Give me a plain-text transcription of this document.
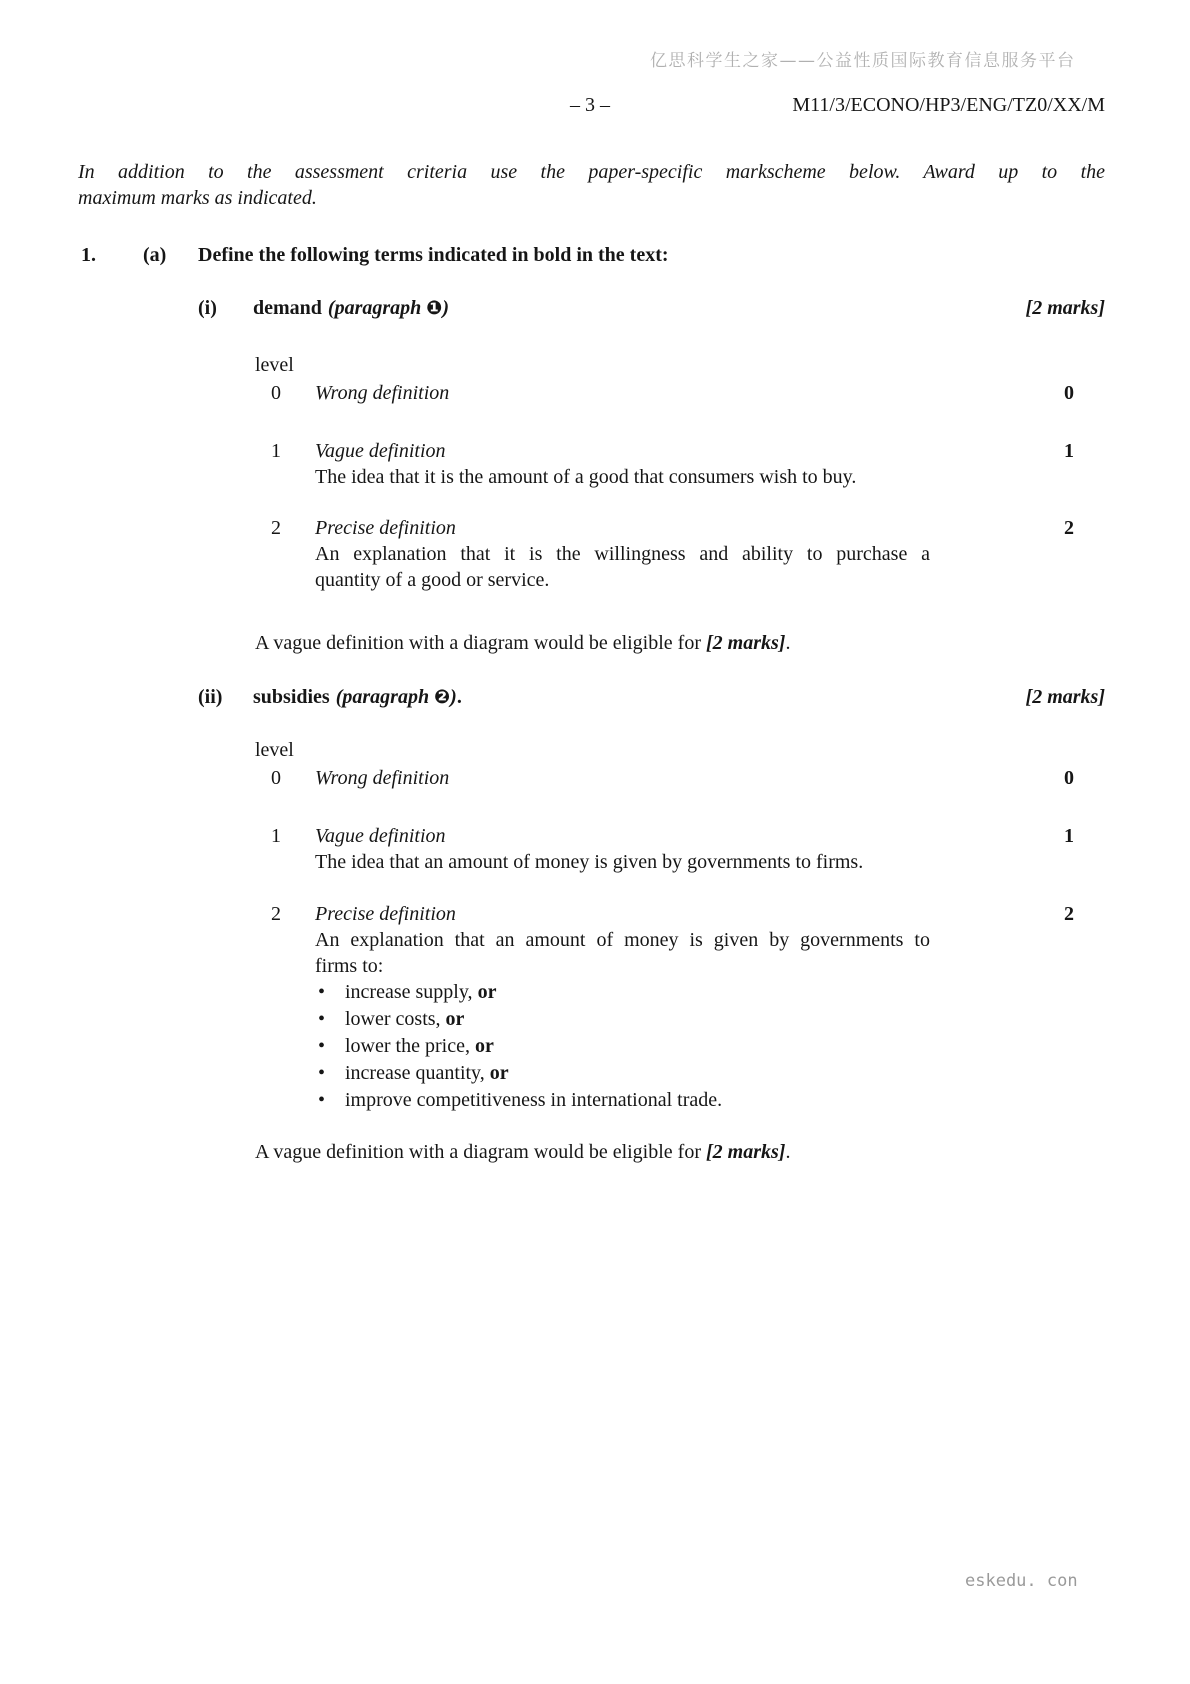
亿思科学生之家——公益性质国际教育信息服务平台
– 3 –	M11/3/ECONO/HP3/ENG/TZ0/XX/M
In addition to the assessment criteria use the paper-specific markscheme below. Award up to the
maximum marks as indicated.
1. (a) Define the following terms indicated in bold in the text:
(i) demand (paragraph ❶)	[2 marks]
level
0	Wrong definition	0
1	Vague definition	1
The idea that it is the amount of a good that consumers wish to buy.
2	Precise definition	2
An explanation that it is the willingness and ability to purchase a
quantity of a good or service.
A vague definition with a diagram would be eligible for [2 marks].
(ii) subsidies (paragraph ❷).	[2 marks]
level
0	Wrong definition	0
1	Vague definition	1
The idea that an amount of money is given by governments to firms.
2	Precise definition	2
An explanation that an amount of money is given by governments to
firms to:
• increase supply, or
• lower costs, or
• lower the price, or
• increase quantity, or
• improve competitiveness in international trade.
A vague definition with a diagram would be eligible for [2 marks].
eskedu. con
